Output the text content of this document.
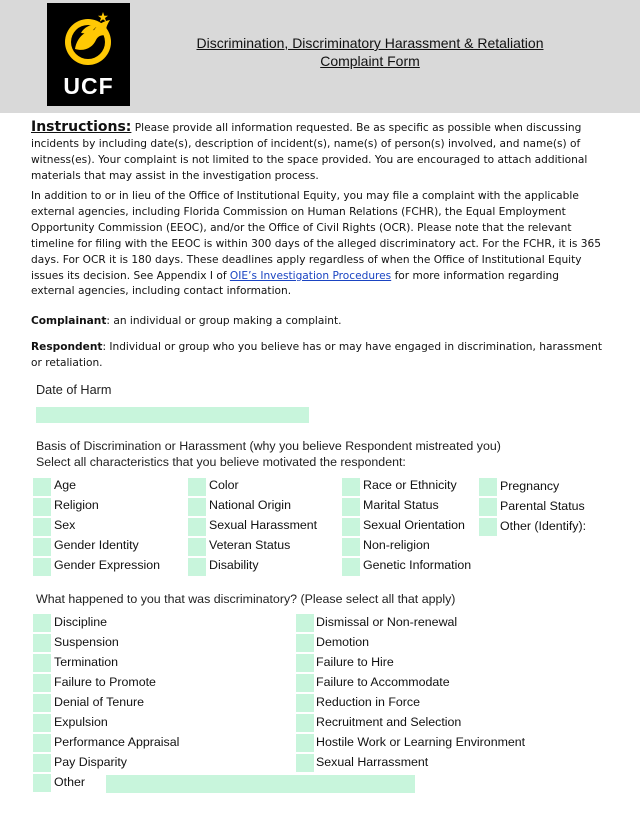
UCF
Discrimination, Discriminatory Harassment & Retaliation
Complaint Form
Instructions: Please provide all information requested. Be as specific as possible when discussing incidents by including date(s), description of incident(s), name(s) of person(s) involved, and name(s) of witness(es). Your complaint is not limited to the space provided. You are encouraged to attach additional materials that may assist in the investigation process.
In addition to or in lieu of the Office of Institutional Equity, you may file a complaint with the applicable external agencies, including Florida Commission on Human Relations (FCHR), the Equal Employment Opportunity Commission (EEOC), and/or the Office of Civil Rights (OCR). Please note that the relevant timeline for filing with the EEOC is within 300 days of the alleged discriminatory act. For the FCHR, it is 365 days. For OCR it is 180 days. These deadlines apply regardless of when the Office of Institutional Equity issues its decision. See Appendix I of OIE’s Investigation Procedures for more information regarding external agencies, including contact information.
Complainant: an individual or group making a complaint.
Respondent: Individual or group who you believe has or may have engaged in discrimination, harassment or retaliation.
Date of Harm
Basis of Discrimination or Harassment (why you believe Respondent mistreated you)
Select all characteristics that you believe motivated the respondent:
Age
Religion
Sex
Gender Identity
Gender Expression
Color
National Origin
Sexual Harassment
Veteran Status
Disability
Race or Ethnicity
Marital Status
Sexual Orientation
Non-religion
Genetic Information
Pregnancy
Parental Status
Other (Identify):
What happened to you that was discriminatory? (Please select all that apply)
Discipline
Suspension
Termination
Failure to Promote
Denial of Tenure
Expulsion
Performance Appraisal
Pay Disparity
Other
Dismissal or Non-renewal
Demotion
Failure to Hire
Failure to Accommodate
Reduction in Force
Recruitment and Selection
Hostile Work or Learning Environment
Sexual Harrassment
